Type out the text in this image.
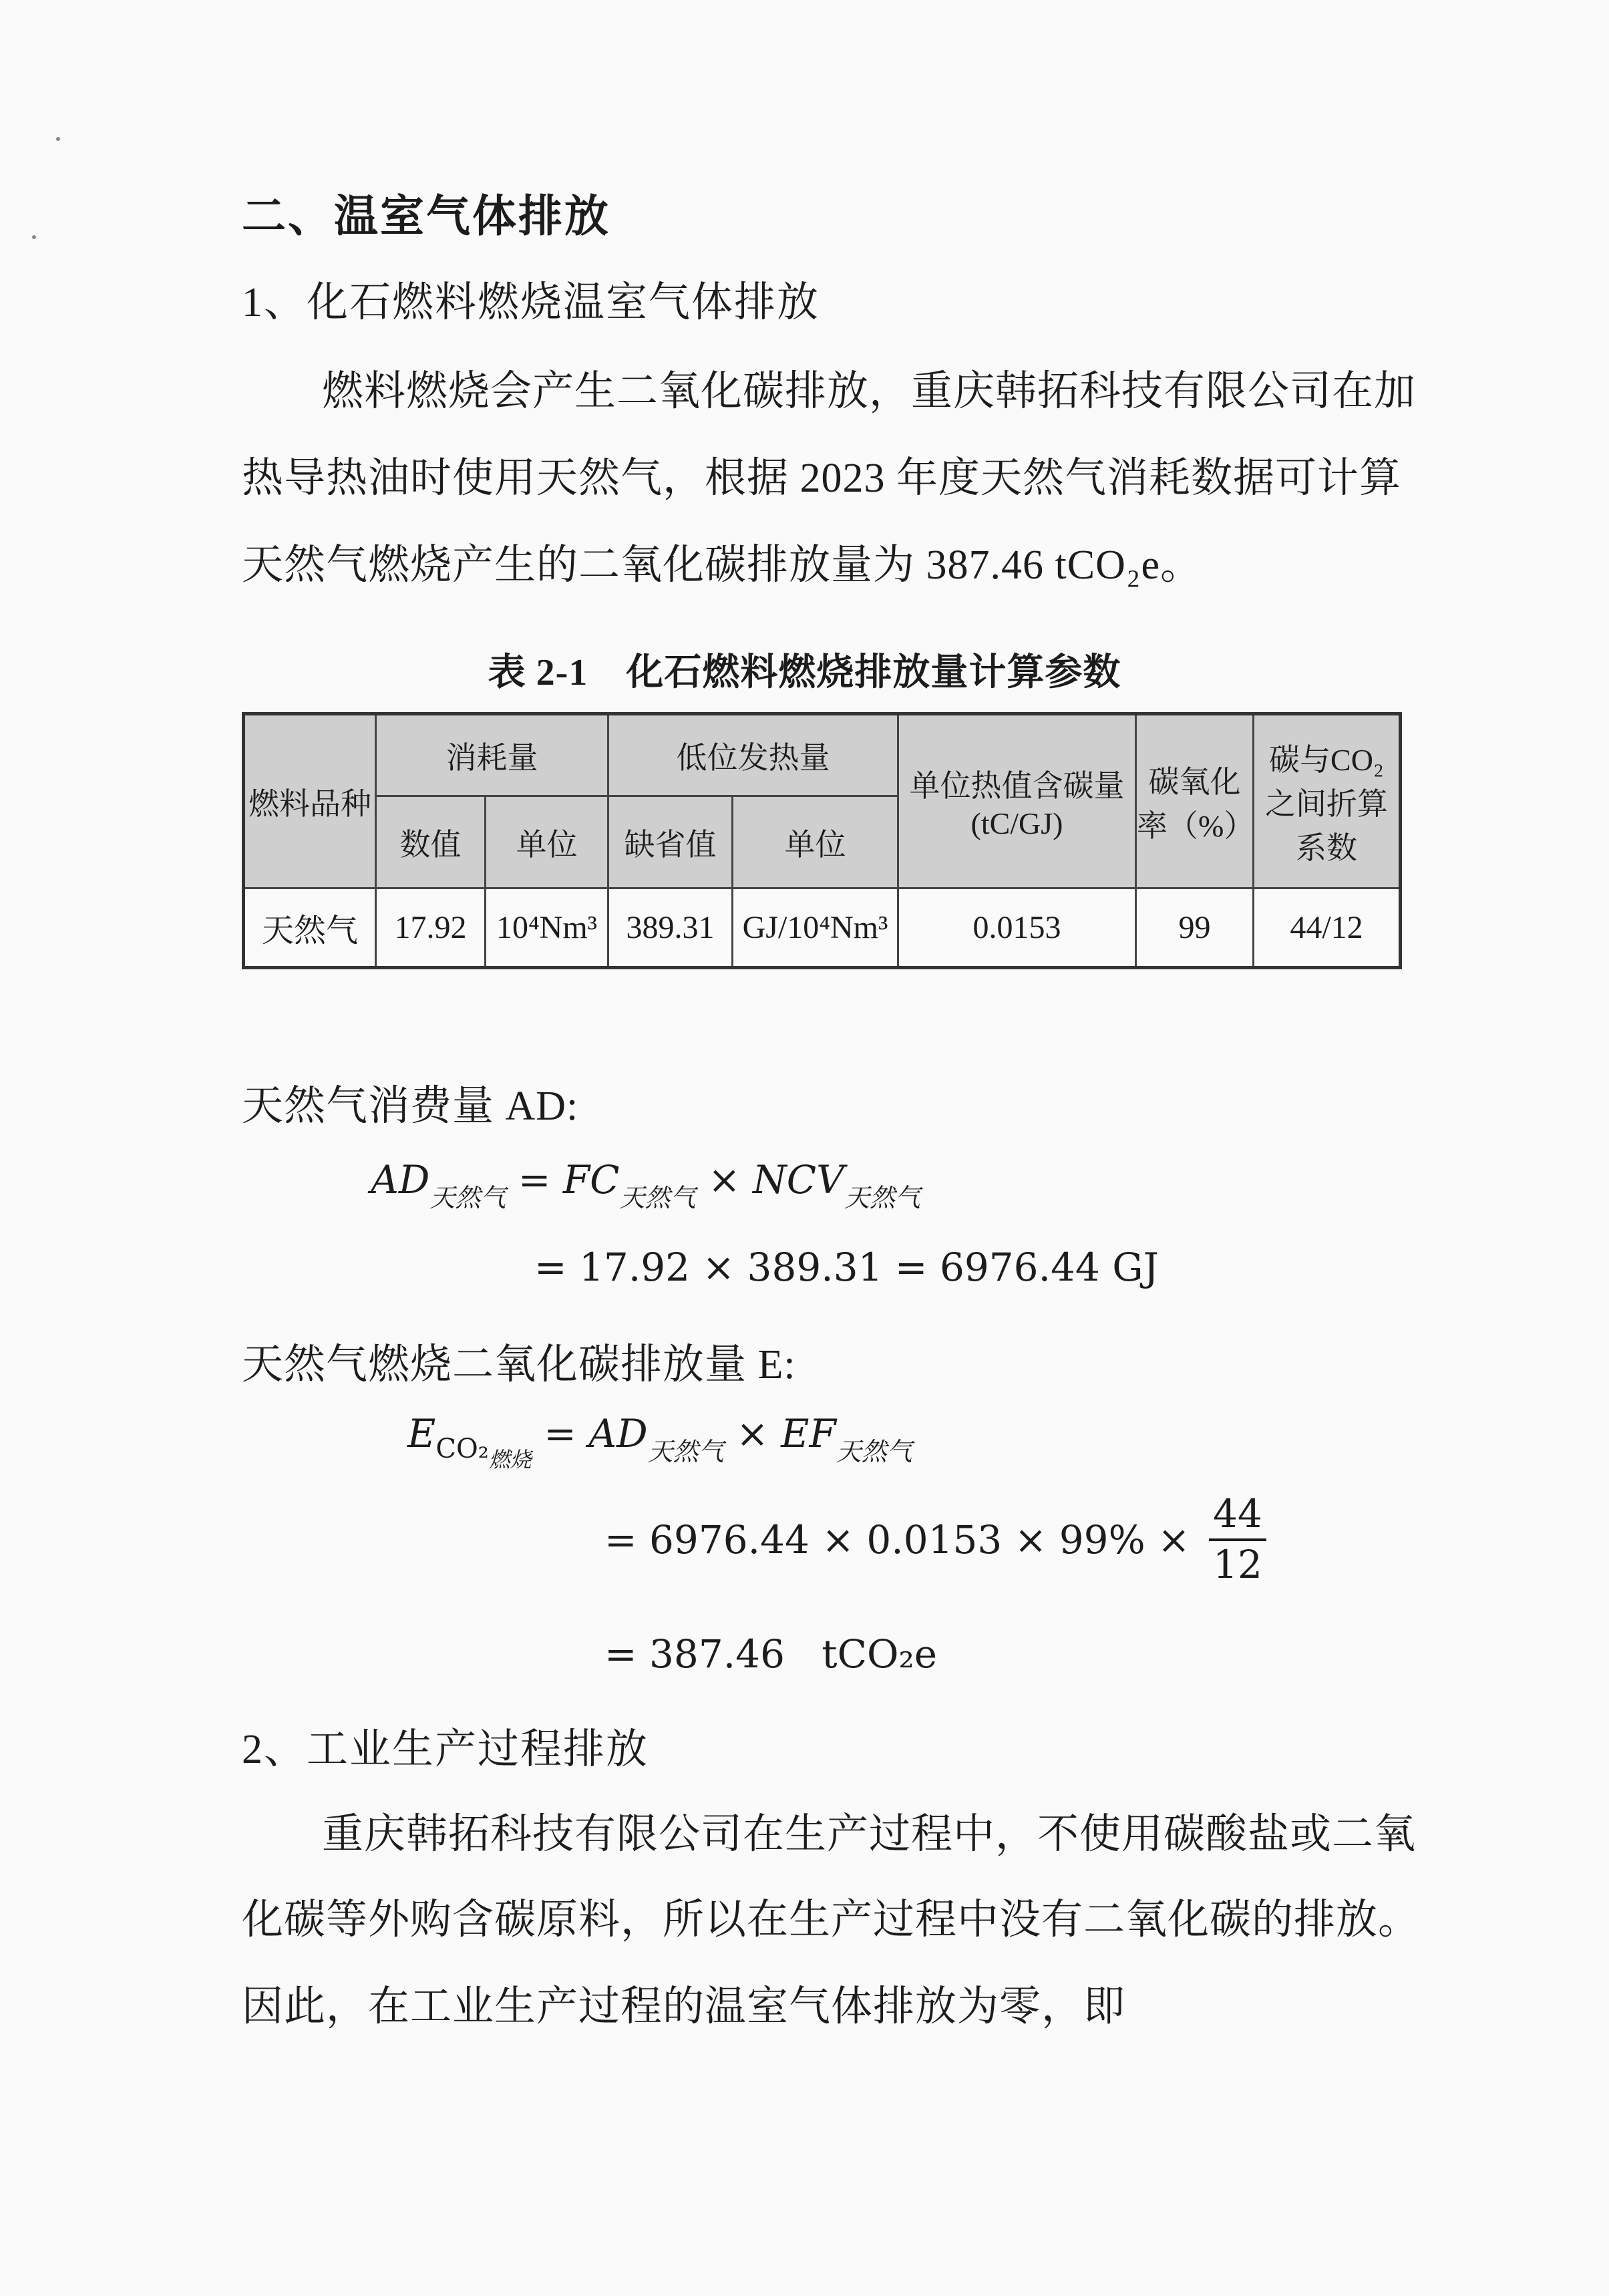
二、温室气体排放
1、化石燃料燃烧温室气体排放
燃料燃烧会产生二氧化碳排放，重庆韩拓科技有限公司在加
热导热油时使用天然气，根据 2023 年度天然气消耗数据可计算
天然气燃烧产生的二氧化碳排放量为 387.46 tCO₂e。
表 2-1　化石燃料燃烧排放量计算参数
燃料品种	消耗量		低位发热量		单位热值含碳量(tC/GJ)	碳氧化率（%）	碳与CO₂之间折算系数
	数值	单位	缺省值	单位			
天然气	17.92	10⁴Nm³	389.31	GJ/10⁴Nm³	0.0153	99	44/12
天然气消费量 AD:
$AD_{天然气} = FC_{天然气} \times NCV_{天然气}$
= 17.92 × 389.31 = 6976.44 GJ
天然气燃烧二氧化碳排放量 E:
$E_{CO_2燃烧} = AD_{天然气} \times EF_{天然气}$
= $6976.44 \times 0.0153 \times 99\% \times \frac{44}{12}$
= 387.46   tCO₂e
2、工业生产过程排放
重庆韩拓科技有限公司在生产过程中，不使用碳酸盐或二氧
化碳等外购含碳原料，所以在生产过程中没有二氧化碳的排放。
因此，在工业生产过程的温室气体排放为零，即
